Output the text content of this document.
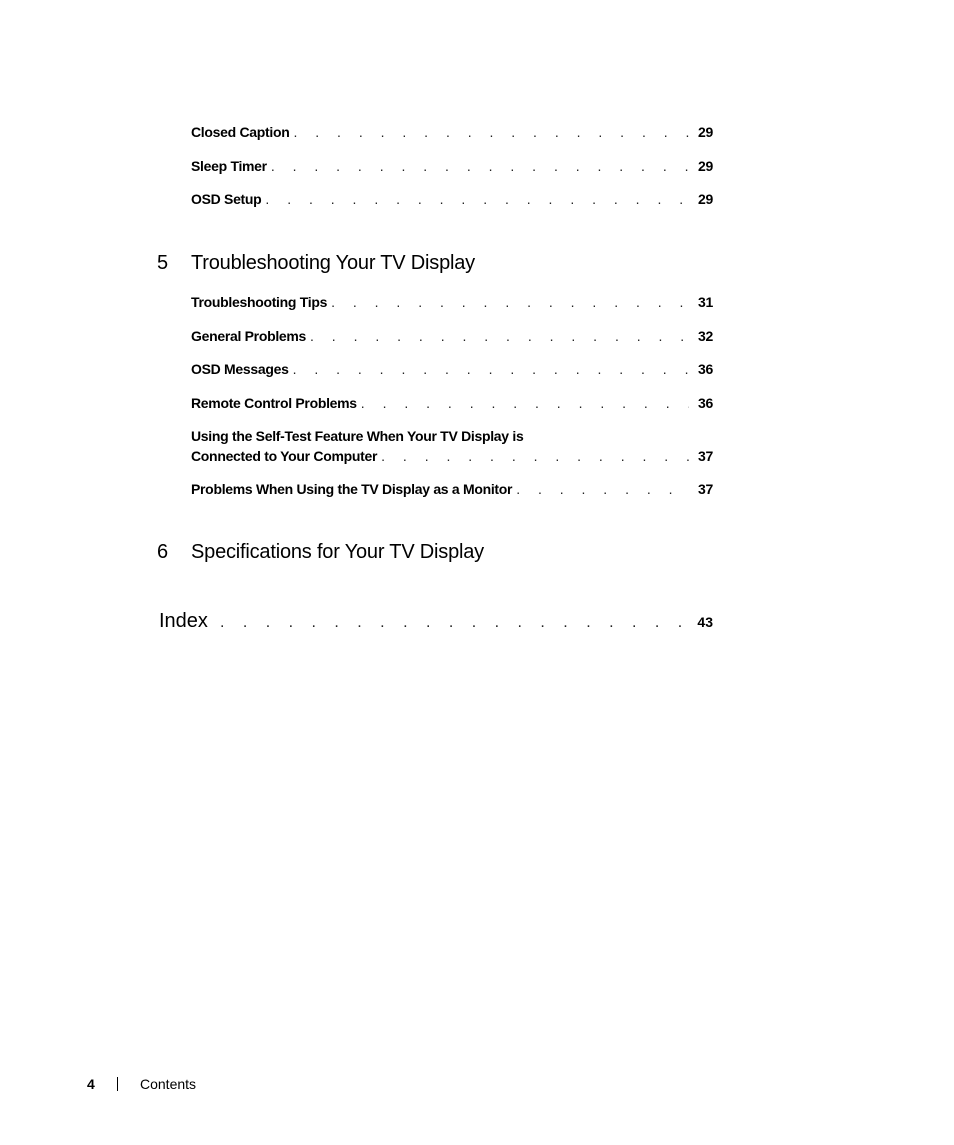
Closed Caption . . .	29
Sleep Timer . . .	29
OSD Setup . . .	29
5 Troubleshooting Your TV Display
Troubleshooting Tips . . .	31
General Problems . . .	32
OSD Messages . . .	36
Remote Control Problems . . .	36
Using the Self-Test Feature When Your TV Display is
Connected to Your Computer . . .	37
Problems When Using the TV Display as a Monitor . . .	37
6 Specifications for Your TV Display
Index . . .	43
4	Contents
